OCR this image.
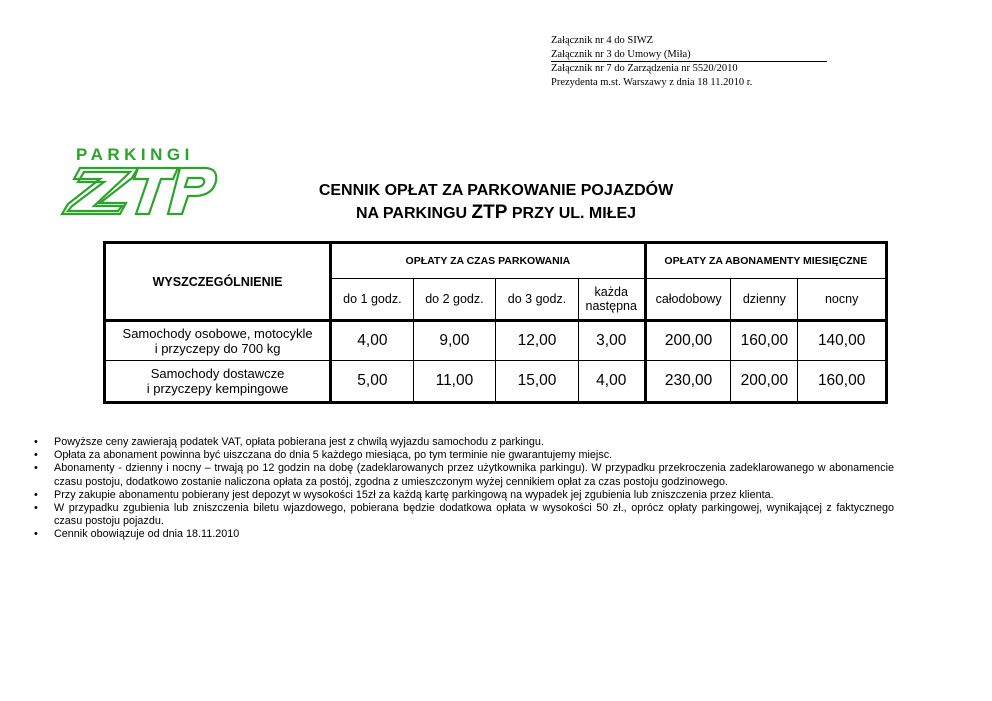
Załącznik nr 4 do SIWZ
Załącznik nr 3 do Umowy (Miła)
Załącznik nr 7 do Zarządzenia nr 5520/2010
Prezydenta m.st. Warszawy z dnia 18 11.2010 r.
PARKINGI
CENNIK OPŁAT ZA PARKOWANIE POJAZDÓW
NA PARKINGU ZTP PRZY UL. MIŁEJ
WYSZCZEGÓLNIENIE	OPŁATY ZA CZAS PARKOWANIA				OPŁATY ZA ABONAMENTY MIESIĘCZNE		
	do 1 godz.	do 2 godz.	do 3 godz.	każda następna	całodobowy	dzienny	nocny

Samochody osobowe, motocykle
i przyczepy do 700 kg	4,00	9,00	12,00	3,00	200,00	160,00	140,00

Samochody dostawcze
i przyczepy kempingowe	5,00	11,00	15,00	4,00	230,00	200,00	160,00
• Powyższe ceny zawierają podatek VAT, opłata pobierana jest z chwilą wyjazdu samochodu z parkingu.
• Opłata za abonament powinna być uiszczana do dnia 5 każdego miesiąca, po tym terminie nie gwarantujemy miejsc.
• Abonamenty - dzienny i nocny – trwają po 12 godzin na dobę (zadeklarowanych przez użytkownika parkingu). W przypadku przekroczenia zadeklarowanego w abonamencie czasu postoju, dodatkowo zostanie naliczona opłata za postój, zgodna z umieszczonym wyżej cennikiem opłat za czas postoju godzinowego.
• Przy zakupie abonamentu pobierany jest depozyt w wysokości 15zł za każdą kartę parkingową na wypadek jej zgubienia lub zniszczenia przez klienta.
• W przypadku zgubienia lub zniszczenia biletu wjazdowego, pobierana będzie dodatkowa opłata w wysokości 50 zł., oprócz opłaty parkingowej, wynikającej z faktycznego czasu postoju pojazdu.
• Cennik obowiązuje od dnia 18.11.2010
